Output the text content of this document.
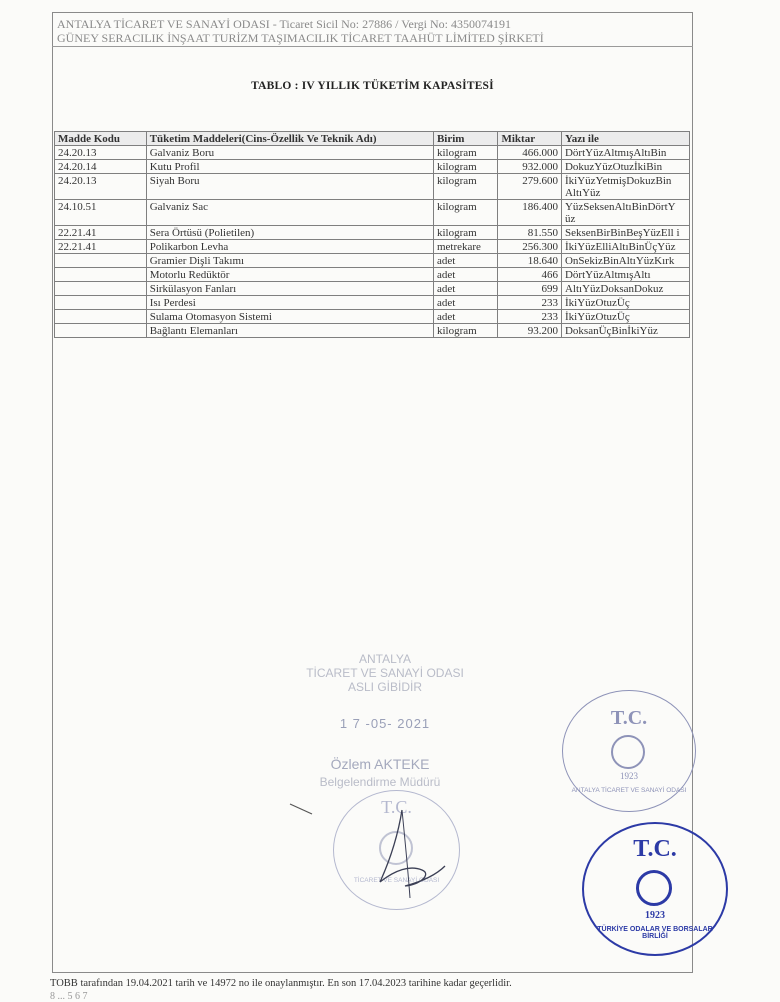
ANTALYA TİCARET VE SANAYİ ODASI - Ticaret Sicil No: 27886 / Vergi No: 4350074191
GÜNEY SERACILIK İNŞAAT TURİZM TAŞIMACILIK TİCARET TAAHÜT LİMİTED ŞİRKETİ
TABLO : IV YILLIK TÜKETİM KAPASİTESİ
Madde Kodu	Tüketim Maddeleri(Cins-Özellik Ve Teknik Adı)	Birim	Miktar	Yazı ile
24.20.13	Galvaniz Boru	kilogram	466.000	DörtYüzAltmışAltıBin
24.20.14	Kutu Profil	kilogram	932.000	DokuzYüzOtuzİkiBin
24.20.13	Siyah Boru	kilogram	279.600	İkiYüzYetmişDokuzBin AltıYüz
24.10.51	Galvaniz Sac	kilogram	186.400	YüzSeksenAltıBinDörtY üz
22.21.41	Sera Örtüsü (Polietilen)	kilogram	81.550	SeksenBirBinBeşYüzEll i
22.21.41	Polikarbon Levha	metrekare	256.300	İkiYüzElliAltıBinÜçYüz
	Gramier Dişli Takımı	adet	18.640	OnSekizBinAltıYüzKırk
	Motorlu Redüktör	adet	466	DörtYüzAltmışAltı
	Sirkülasyon Fanları	adet	699	AltıYüzDoksanDokuz
	Isı Perdesi	adet	233	İkiYüzOtuzÜç
	Sulama Otomasyon Sistemi	adet	233	İkiYüzOtuzÜç
	Bağlantı Elemanları	kilogram	93.200	DoksanÜçBinİkiYüz
ANTALYA
TİCARET VE SANAYİ ODASI
ASLI GİBİDİR
1 7 -05- 2021
Özlem AKTEKE
Belgelendirme Müdürü
T.C.
1923
ANTALYA TİCARET VE SANAYİ ODASI
T.C.
TİCARET VE SANAYİ ODASI
T.C.
1923
TÜRKİYE ODALAR VE BORSALAR BİRLİĞİ
TOBB tarafından 19.04.2021 tarih ve 14972 no ile onaylanmıştır. En son 17.04.2023 tarihine kadar geçerlidir.
8 ... 5 6 7
